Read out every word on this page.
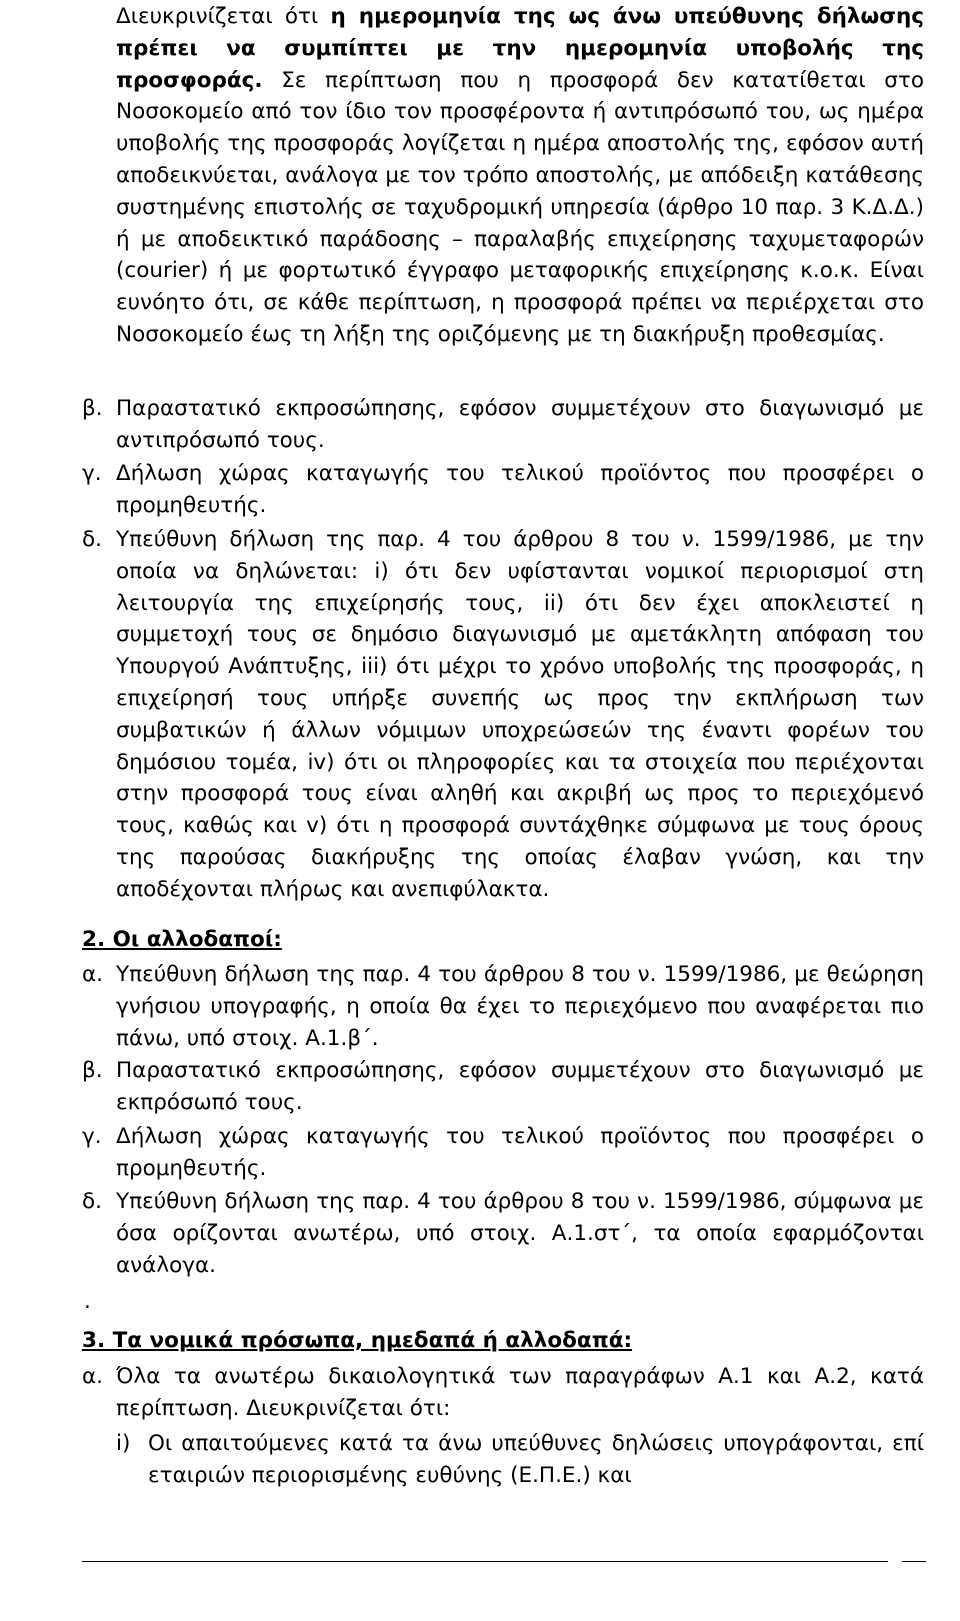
Διευκρινίζεται ότι η ημερομηνία της ως άνω υπεύθυνης δήλωσης πρέπει να συμπίπτει με την ημερομηνία υποβολής της προσφοράς. Σε περίπτωση που η προσφορά δεν κατατίθεται στο Νοσοκομείο από τον ίδιο τον προσφέροντα ή αντιπρόσωπό του, ως ημέρα υποβολής της προσφοράς λογίζεται η ημέρα αποστολής της, εφόσον αυτή αποδεικνύεται, ανάλογα με τον τρόπο αποστολής, με απόδειξη κατάθεσης συστημένης επιστολής σε ταχυδρομική υπηρεσία (άρθρο 10 παρ. 3 Κ.Δ.Δ.) ή με αποδεικτικό παράδοσης – παραλαβής επιχείρησης ταχυμεταφορών (courier) ή με φορτωτικό έγγραφο μεταφορικής επιχείρησης κ.ο.κ. Είναι ευνόητο ότι, σε κάθε περίπτωση, η προσφορά πρέπει να περιέρχεται στο Νοσοκομείο έως τη λήξη της οριζόμενης με τη διακήρυξη προθεσμίας.

β. Παραστατικό εκπροσώπησης, εφόσον συμμετέχουν στο διαγωνισμό με αντιπρόσωπό τους.

γ. Δήλωση χώρας καταγωγής του τελικού προϊόντος που προσφέρει ο προμηθευτής.

δ. Υπεύθυνη δήλωση της παρ. 4 του άρθρου 8 του ν. 1599/1986, με την οποία να δηλώνεται: i) ότι δεν υφίστανται νομικοί περιορισμοί στη λειτουργία της επιχείρησής τους, ii) ότι δεν έχει αποκλειστεί η συμμετοχή τους σε δημόσιο διαγωνισμό με αμετάκλητη απόφαση του Υπουργού Ανάπτυξης, iii) ότι μέχρι το χρόνο υποβολής της προσφοράς, η επιχείρησή τους υπήρξε συνεπής ως προς την εκπλήρωση των συμβατικών ή άλλων νόμιμων υποχρεώσεών της έναντι φορέων του δημόσιου τομέα, iv) ότι οι πληροφορίες και τα στοιχεία που περιέχονται στην προσφορά τους είναι αληθή και ακριβή ως προς το περιεχόμενό τους, καθώς και v) ότι η προσφορά συντάχθηκε σύμφωνα με τους όρους της παρούσας διακήρυξης της οποίας έλαβαν γνώση, και την αποδέχονται πλήρως και ανεπιφύλακτα.

2. Οι αλλοδαποί:
α. Υπεύθυνη δήλωση της παρ. 4 του άρθρου 8 του ν. 1599/1986, με θεώρηση γνήσιου υπογραφής, η οποία θα έχει το περιεχόμενο που αναφέρεται πιο πάνω, υπό στοιχ. Α.1.β΄.

β. Παραστατικό εκπροσώπησης, εφόσον συμμετέχουν στο διαγωνισμό με εκπρόσωπό τους.

γ. Δήλωση χώρας καταγωγής του τελικού προϊόντος που προσφέρει ο προμηθευτής.

δ. Υπεύθυνη δήλωση της παρ. 4 του άρθρου 8 του ν. 1599/1986, σύμφωνα με όσα ορίζονται ανωτέρω, υπό στοιχ. Α.1.στ΄, τα οποία εφαρμόζονται ανάλογα.

.
3. Τα νομικά πρόσωπα, ημεδαπά ή αλλοδαπά:
α. Όλα τα ανωτέρω δικαιολογητικά των παραγράφων Α.1 και Α.2, κατά περίπτωση. Διευκρινίζεται ότι:

i) Οι απαιτούμενες κατά τα άνω υπεύθυνες δηλώσεις υπογράφονται, επί εταιριών περιορισμένης ευθύνης (Ε.Π.Ε.) και
